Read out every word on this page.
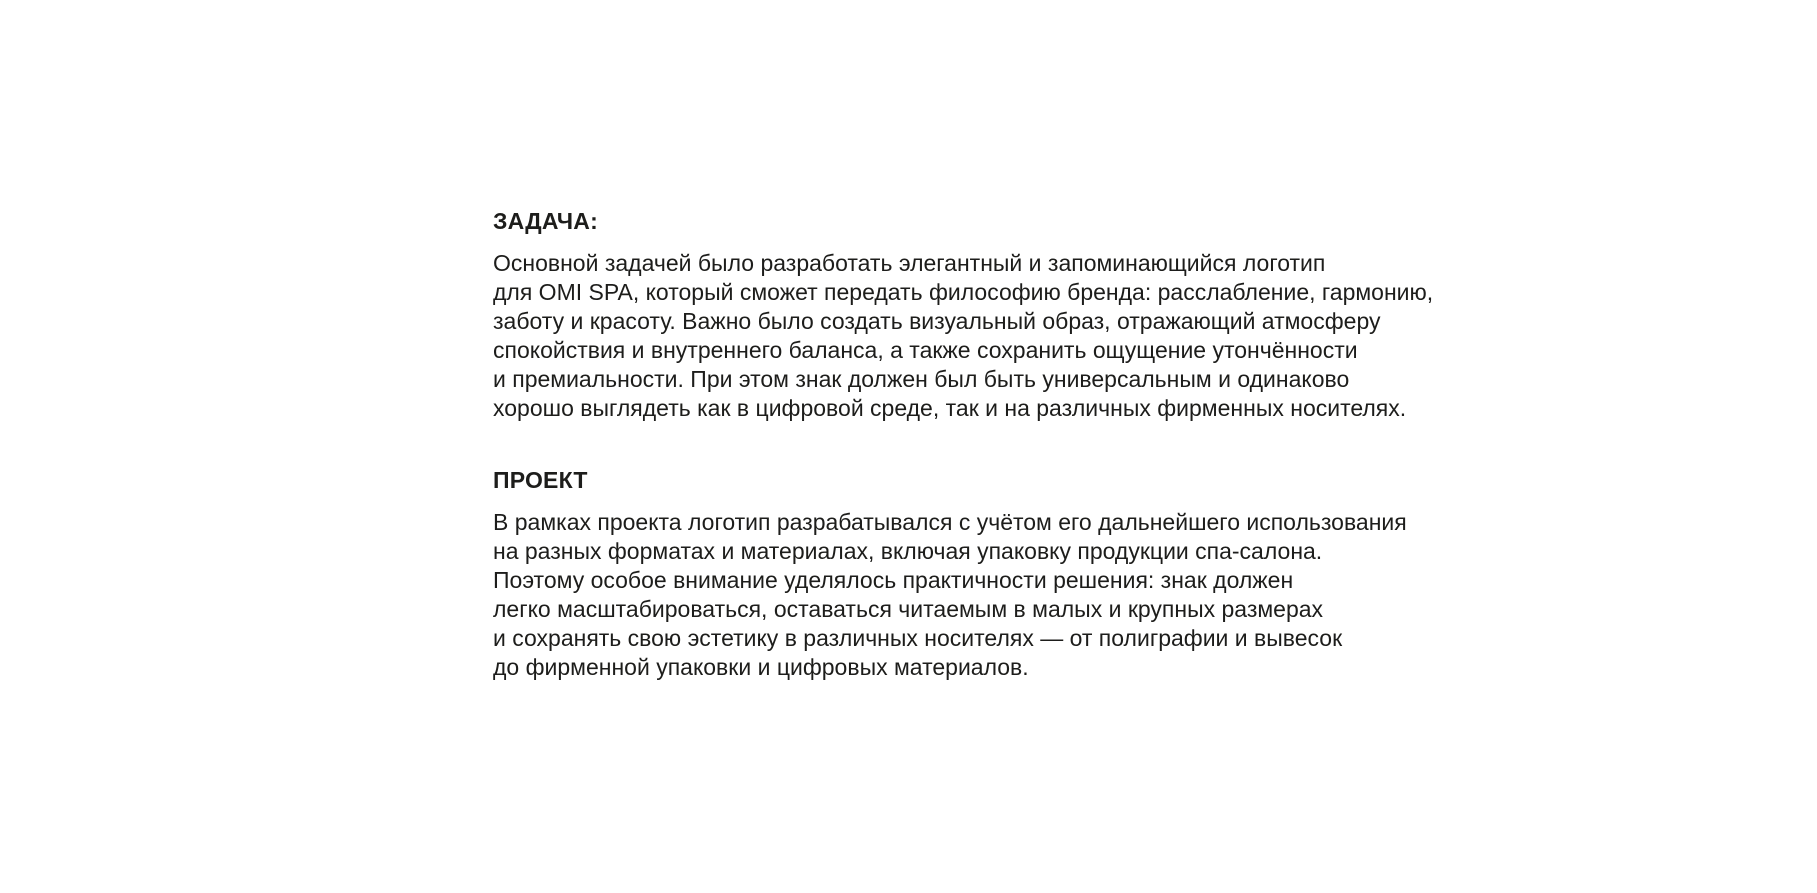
ЗАДАЧА:

Основной задачей было разработать элегантный и запоминающийся логотип
для OMI SPA, который сможет передать философию бренда: расслабление, гармонию,
заботу и красоту. Важно было создать визуальный образ, отражающий атмосферу
спокойствия и внутреннего баланса, а также сохранить ощущение утончённости
и премиальности. При этом знак должен был быть универсальным и одинаково
хорошо выглядеть как в цифровой среде, так и на различных фирменных носителях.

ПРОЕКТ

В рамках проекта логотип разрабатывался с учётом его дальнейшего использования
на разных форматах и материалах, включая упаковку продукции спа-салона.
Поэтому особое внимание уделялось практичности решения: знак должен
легко масштабироваться, оставаться читаемым в малых и крупных размерах
и сохранять свою эстетику в различных носителях — от полиграфии и вывесок
до фирменной упаковки и цифровых материалов.
